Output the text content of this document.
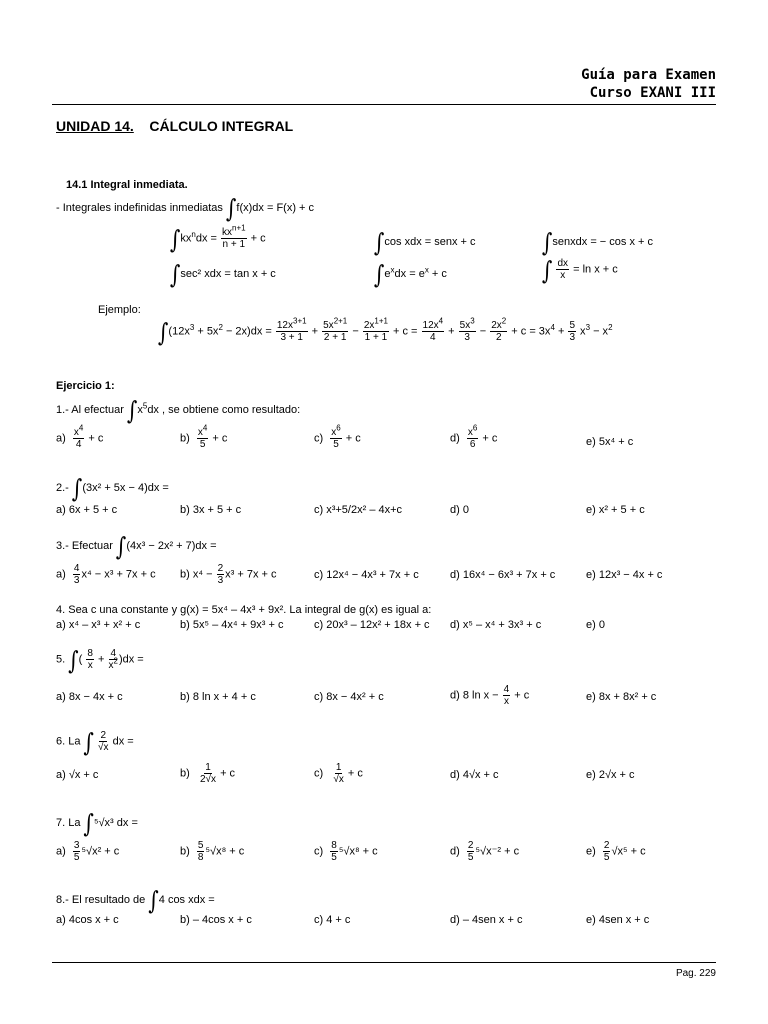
Guía para Examen
Curso EXANI III
UNIDAD 14. CÁLCULO INTEGRAL
14.1 Integral inmediata.
- Integrales indefinidas inmediatas ∫f(x)dx = F(x) + c
$\int kx^ndx = \frac{kx^{n+1}}{n + 1} + c$	∫cos xdx = senx + c	∫senxdx = − cos x + c
∫sec² xdx = tan x + c	$\int e^xdx = e^x + c$	∫ $\frac{dx}{x} = \ln x + c$
Ejemplo:
$\int(12x^3 + 5x^2 - 2x)dx = \frac{12x^{3+1}}{3 + 1} + \frac{5x^{2+1}}{2 + 1} - \frac{2x^{1+1}}{1 + 1} + c = \frac{12x^4}{4} + \frac{5x^3}{3} - \frac{2x^2}{2} + c = 3x^4 + \frac{5}{3} x^3 - x^2$
Ejercicio 1:
1.- Al efectuar $\int x^5dx$ , se obtiene como resultado:
$a) \frac{x^4}{4} + c$	$b) \frac{x^4}{5} + c$	$c) \frac{x^6}{5} + c$	$d) \frac{x^6}{6} + c$	e) 5x⁴ + c
2.- ∫(3x² + 5x − 4)dx =
a) 6x + 5 + c	b) 3x + 5 + c	c) x³+5/2x² – 4x+c	d) 0	e) x² + 5 + c
3.- Efectuar ∫(4x³ − 2x² + 7)dx =
$a) \frac{4}{3} x^4 - x^3 + 7x + c$ b) $x^4 - \frac{2}{3} x^3 + 7x + c$	c) 12x⁴ − 4x³ + 7x + c	d) 16x⁴ − 6x³ + 7x + c	e) 12x³ − 4x + c
4. Sea c una constante y g(x) = 5x⁴ – 4x³ + 9x². La integral de g(x) es igual a:
a) x⁴ – x³ + x² + c	b) 5x⁵ – 4x⁴ + 9x³ + c	c) 20x³ – 12x² + 18x + c d) x⁵ – x⁴ + 3x³ + c	e) 0
5. ∫( $\frac{8}{x} + \frac{4}{x^2} )dx$ =
a) 8x − 4x + c	b) 8 ln x + 4 + c	c) 8x − 4x² + c	d) 8 $\ln x - \frac{4}{x} + c$	e) 8x + 8x² + c
6. La ∫ $\frac{2}{√x}$ dx =
a) √x + c	$b) \frac{1}{2√x} + c$	$c) \frac{1}{√x} + c$	d) 4√x + c	e) 2√x + c
7. La ∫⁵√x³ dx =
$a) \frac{3}{5} ^5√x^2 + c$	$b) \frac{5}{8} ^5√x^8 + c$	$c) \frac{8}{5} ^5√x^8 + c$	$d) \frac{2}{5} ^5√x^{-2} + c$	$e) \frac{2}{5} √x^5 + c$
8.- El resultado de ∫4 cos xdx =
a) 4cos x + c	b) – 4cos x + c	c) 4 + c	d) – 4sen x + c	e) 4sen x + c
Pag. 229
